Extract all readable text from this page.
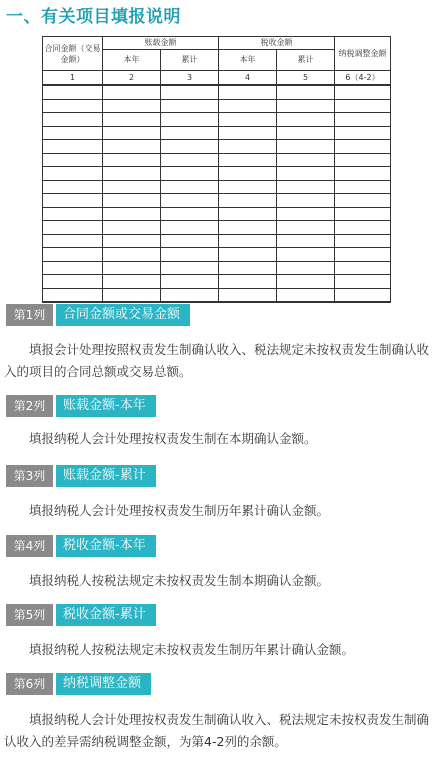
一、有关项目填报说明
合同金额（交易金额）	账载金额		税收金额		纳税调整金额
	本年	累计	本年	累计	
1	2	3	4	5	6（4-2）

第1列	合同金额或交易金额
填报会计处理按照权责发生制确认收入、税法规定未按权责发生制确认收入的项目的合同总额或交易总额。
第2列	账载金额-本年
填报纳税人会计处理按权责发生制在本期确认金额。
第3列	账载金额-累计
填报纳税人会计处理按权责发生制历年累计确认金额。
第4列	税收金额-本年
填报纳税人按税法规定未按权责发生制本期确认金额。
第5列	税收金额-累计
填报纳税人按税法规定未按权责发生制历年累计确认金额。
第6列	纳税调整金额
填报纳税人会计处理按权责发生制确认收入、税法规定未按权责发生制确认收入的差异需纳税调整金额，为第4-2列的余额。
